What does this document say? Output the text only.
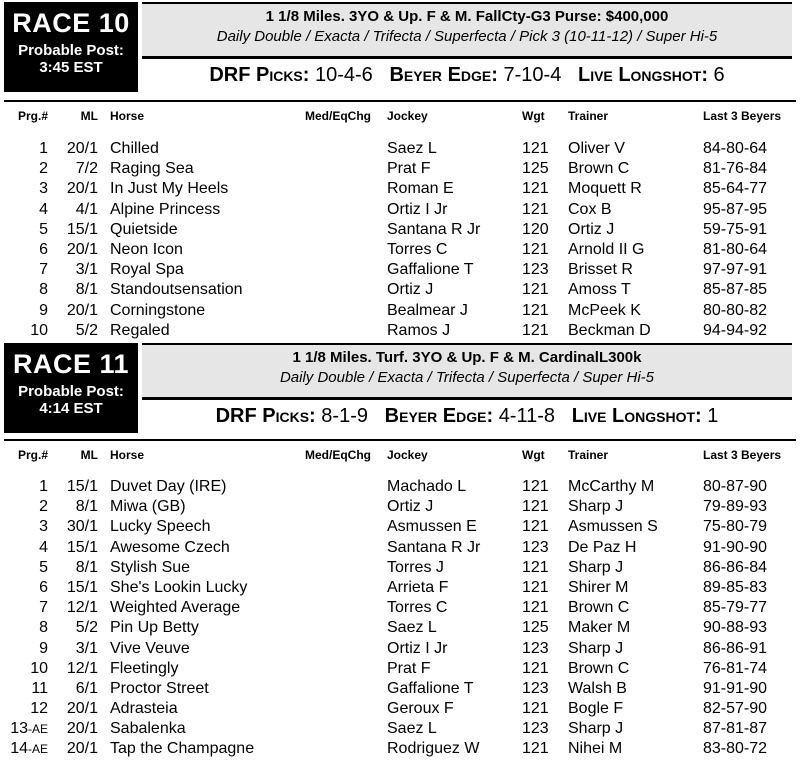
RACE 10
Probable Post:
3:45 EST
1 1/8 Miles. 3YO & Up. F & M. FallCty-G3 Purse: $400,000
Daily Double / Exacta / Trifecta / Superfecta / Pick 3 (10-11-12) / Super Hi-5
DRF Picks: 10-4-6 Beyer Edge: 7-10-4 Live Longshot: 6
Prg.#	ML Horse	Med/EqChg Jockey	Wgt Trainer	Last 3 Beyers
1 20/1 Chilled	Saez L	121 Oliver V	84-80-64
2 7/2 Raging Sea	Prat F	125 Brown C	81-76-84
3 20/1 In Just My Heels	Roman E	121 Moquett R	85-64-77
4 4/1 Alpine Princess	Ortiz I Jr	121 Cox B	95-87-95
5 15/1 Quietside	Santana R Jr	120 Ortiz J	59-75-91
6 20/1 Neon Icon	Torres C	121 Arnold II G	81-80-64
7 3/1 Royal Spa	Gaffalione T	123 Brisset R	97-97-91
8 8/1 Standoutsensation	Ortiz J	121 Amoss T	85-87-85
9 20/1 Corningstone	Bealmear J	121 McPeek K	80-80-82
10 5/2 Regaled	Ramos J	121 Beckman D	94-94-92
RACE 11
Probable Post:
4:14 EST
1 1/8 Miles. Turf. 3YO & Up. F & M. CardinalL300k
Daily Double / Exacta / Trifecta / Superfecta / Super Hi-5
DRF Picks: 8-1-9 Beyer Edge: 4-11-8 Live Longshot: 1
Prg.#	ML Horse	Med/EqChg Jockey	Wgt Trainer	Last 3 Beyers
1 15/1 Duvet Day (IRE)	Machado L	121 McCarthy M	80-87-90
2 8/1 Miwa (GB)	Ortiz J	121 Sharp J	79-89-93
3 30/1 Lucky Speech	Asmussen E	121 Asmussen S	75-80-79
4 15/1 Awesome Czech	Santana R Jr	123 De Paz H	91-90-90
5 8/1 Stylish Sue	Torres J	121 Sharp J	86-86-84
6 15/1 She's Lookin Lucky	Arrieta F	121 Shirer M	89-85-83
7 12/1 Weighted Average	Torres C	121 Brown C	85-79-77
8 5/2 Pin Up Betty	Saez L	125 Maker M	90-88-93
9 3/1 Vive Veuve	Ortiz I Jr	123 Sharp J	86-86-91
10 12/1 Fleetingly	Prat F	121 Brown C	76-81-74
11 6/1 Proctor Street	Gaffalione T	123 Walsh B	91-91-90
12 20/1 Adrasteia	Geroux F	121 Bogle F	82-57-90
13-AE 20/1 Sabalenka	Saez L	123 Sharp J	87-81-87
14-AE 20/1 Tap the Champagne	Rodriguez W	121 Nihei M	83-80-72
